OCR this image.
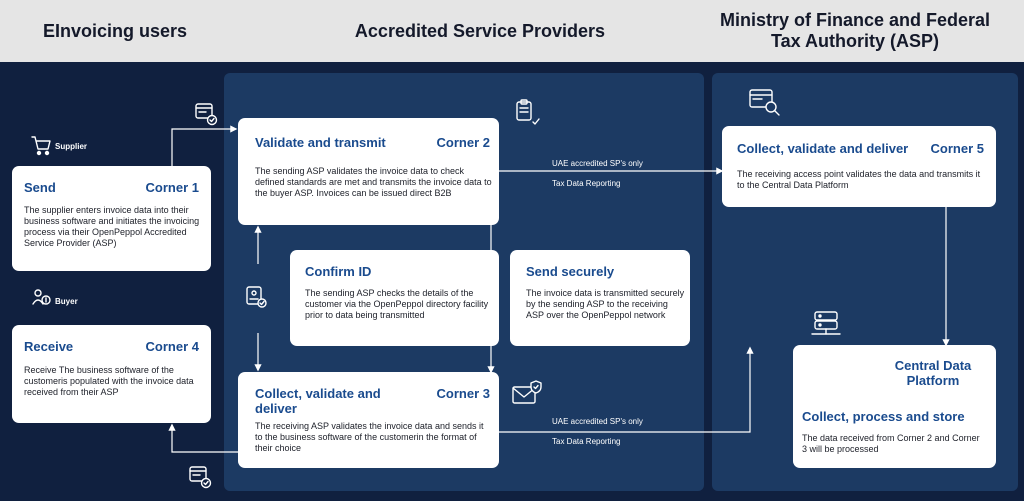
EInvoicing users	Accredited Service Providers
Ministry of Finance and Federal Tax Authority (ASP)
Supplier
Buyer
UAE accredited SP's only
Tax Data Reporting
UAE accredited SP's only
Tax Data Reporting
Send	Corner 1
The supplier enters invoice data into their business software and initiates the invoicing process via their OpenPeppol Accredited Service Provider (ASP)
Receive	Corner 4
Receive The business software of the customeris populated with the invoice data received from their ASP
Validate and transmit	Corner 2
The sending ASP validates the invoice data to check defined standards are met and transmits the invoice data to the buyer ASP. Invoices can be issued direct B2B
Confirm ID
The sending ASP checks the details of the customer via the OpenPeppol directory facility prior to data being transmitted
Send securely
The invoice data is transmitted securely by the sending ASP to the receiving ASP over the OpenPeppol network
Collect, validate and deliver
Corner 3
The receiving ASP validates the invoice data and sends it to the business software of the customerin the format of their choice
Collect, validate and deliver Corner 5
The receiving access point validates the data and transmits it to the Central Data Platform
Central Data Platform
Collect, process and store
The data received from Corner 2 and Corner 3 will be processed
